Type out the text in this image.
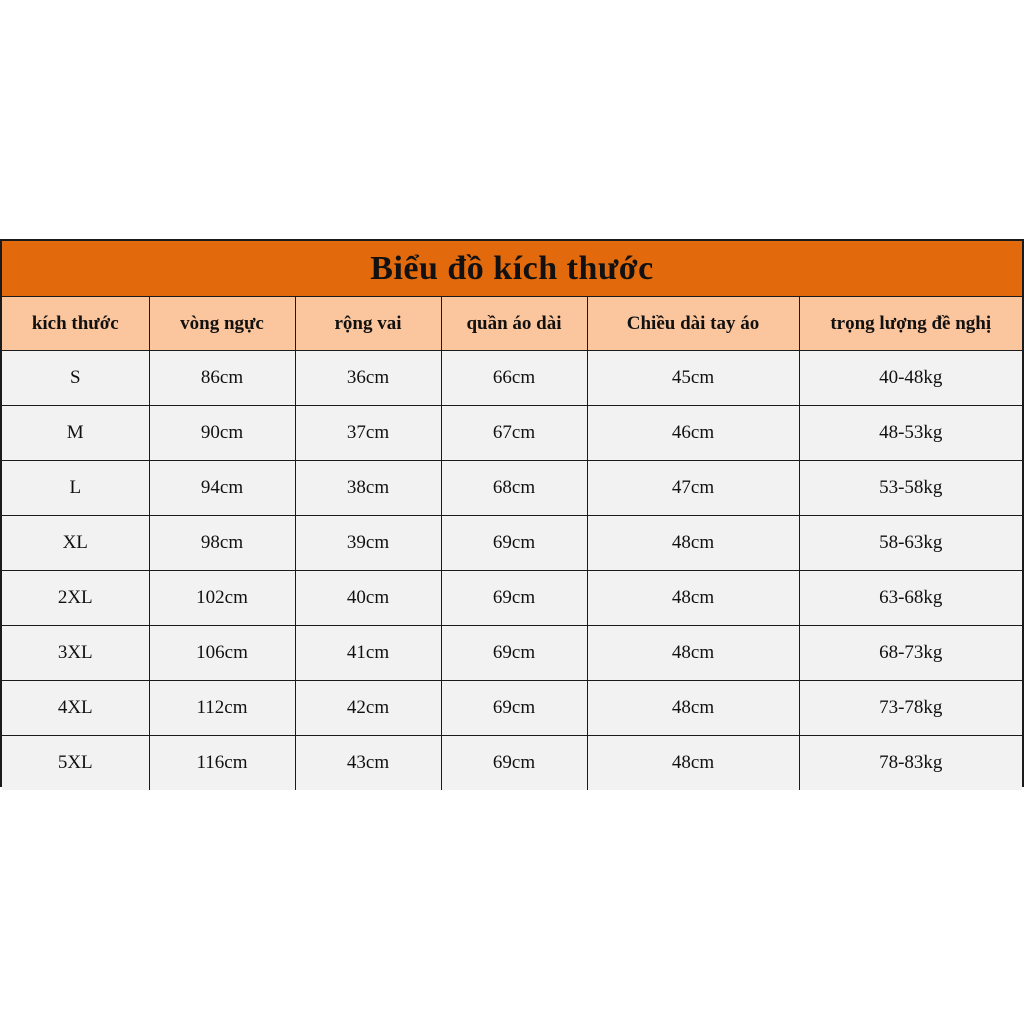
Biểu đồ kích thước
kích thước	vòng ngực	rộng vai	quần áo dài	Chiều dài tay áo	trọng lượng đề nghị
S	86cm	36cm	66cm	45cm	40-48kg
M	90cm	37cm	67cm	46cm	48-53kg
L	94cm	38cm	68cm	47cm	53-58kg
XL	98cm	39cm	69cm	48cm	58-63kg
2XL	102cm	40cm	69cm	48cm	63-68kg
3XL	106cm	41cm	69cm	48cm	68-73kg
4XL	112cm	42cm	69cm	48cm	73-78kg
5XL	116cm	43cm	69cm	48cm	78-83kg
